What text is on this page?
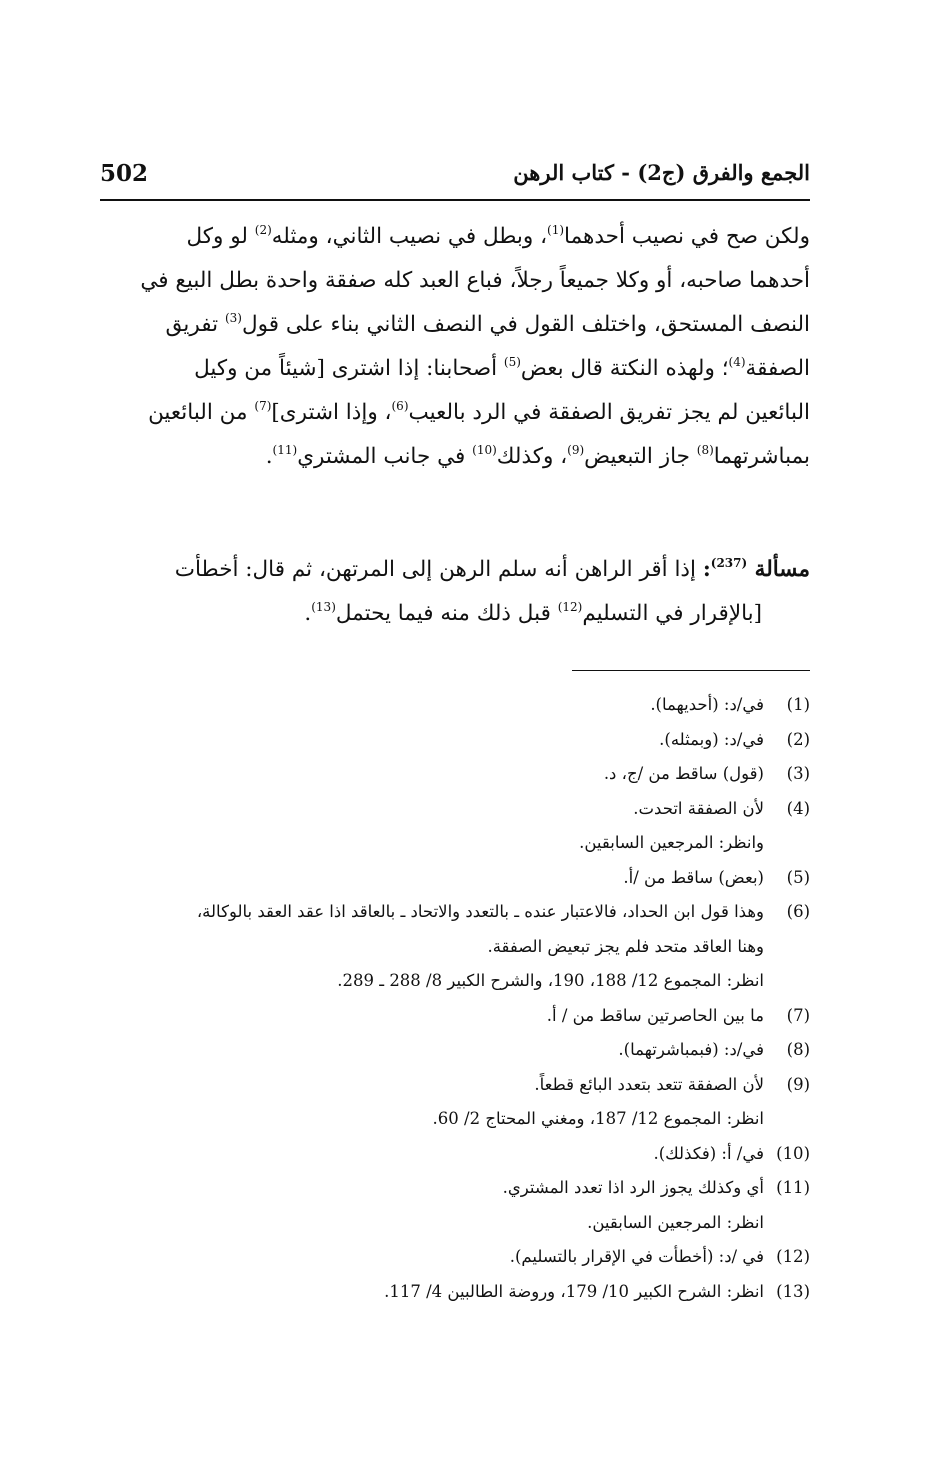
502	الجمع والفرق (ج2) - كتاب الرهن

ولكن صح في نصيب أحدهما$^{(1)}$، وبطل في نصيب الثاني، ومثله$^{(2)}$ لو وكل

أحدهما صاحبه، أو وكلا جميعاً رجلاً، فباع العبد كله صفقة واحدة بطل البيع في

النصف المستحق، واختلف القول في النصف الثاني بناء على قول$^{(3)}$ تفريق

الصفقة$^{(4)}$؛ ولهذه النكتة قال بعض$^{(5)}$ أصحابنا: إذا اشترى [شيئاً من وكيل

البائعين لم يجز تفريق الصفقة في الرد بالعيب$^{(6)}$، وإذا اشترى]$^{(7)}$ من البائعين

بمباشرتهما$^{(8)}$ جاز التبعيض$^{(9)}$، وكذلك$^{(10)}$ في جانب المشتري$^{(11)}$.

مسألة $^{(237)}$: إذا أقر الراهن أنه سلم الرهن إلى المرتهن، ثم قال: أخطأت

[بالإقرار في التسليم$^{(12)}$ قبل ذلك منه فيما يحتمل$^{(13)}$.

(1)
في/د: (أحديهما).
(2)
في/د: (وبمثله).
(3)
(قول) ساقط من /ج، د.
(4)
لأن الصفقة اتحدت.
وانظر: المرجعين السابقين.
(5)
(بعض) ساقط من /أ.
(6)
وهذا قول ابن الحداد، فالاعتبار عنده ـ بالتعدد والاتحاد ـ بالعاقد اذا عقد العقد بالوكالة،
وهنا العاقد متحد فلم يجز تبعيض الصفقة.
انظر: المجموع 12/ 188، 190، والشرح الكبير 8/ 288 ـ 289.
(7)
ما بين الحاصرتين ساقط من / أ.
(8)
في/د: (فبمباشرتهما).
(9)
لأن الصفقة تتعد بتعدد البائع قطعاً.
انظر: المجموع 12/ 187، ومغني المحتاج 2/ 60.
(10)
في/ أ: (فكذلك).
(11)
أي وكذلك يجوز الرد اذا تعدد المشتري.
انظر: المرجعين السابقين.
(12)
في /د: (أخطأت في الإقرار بالتسليم).
(13)
انظر: الشرح الكبير 10/ 179، وروضة الطالبين 4/ 117.
